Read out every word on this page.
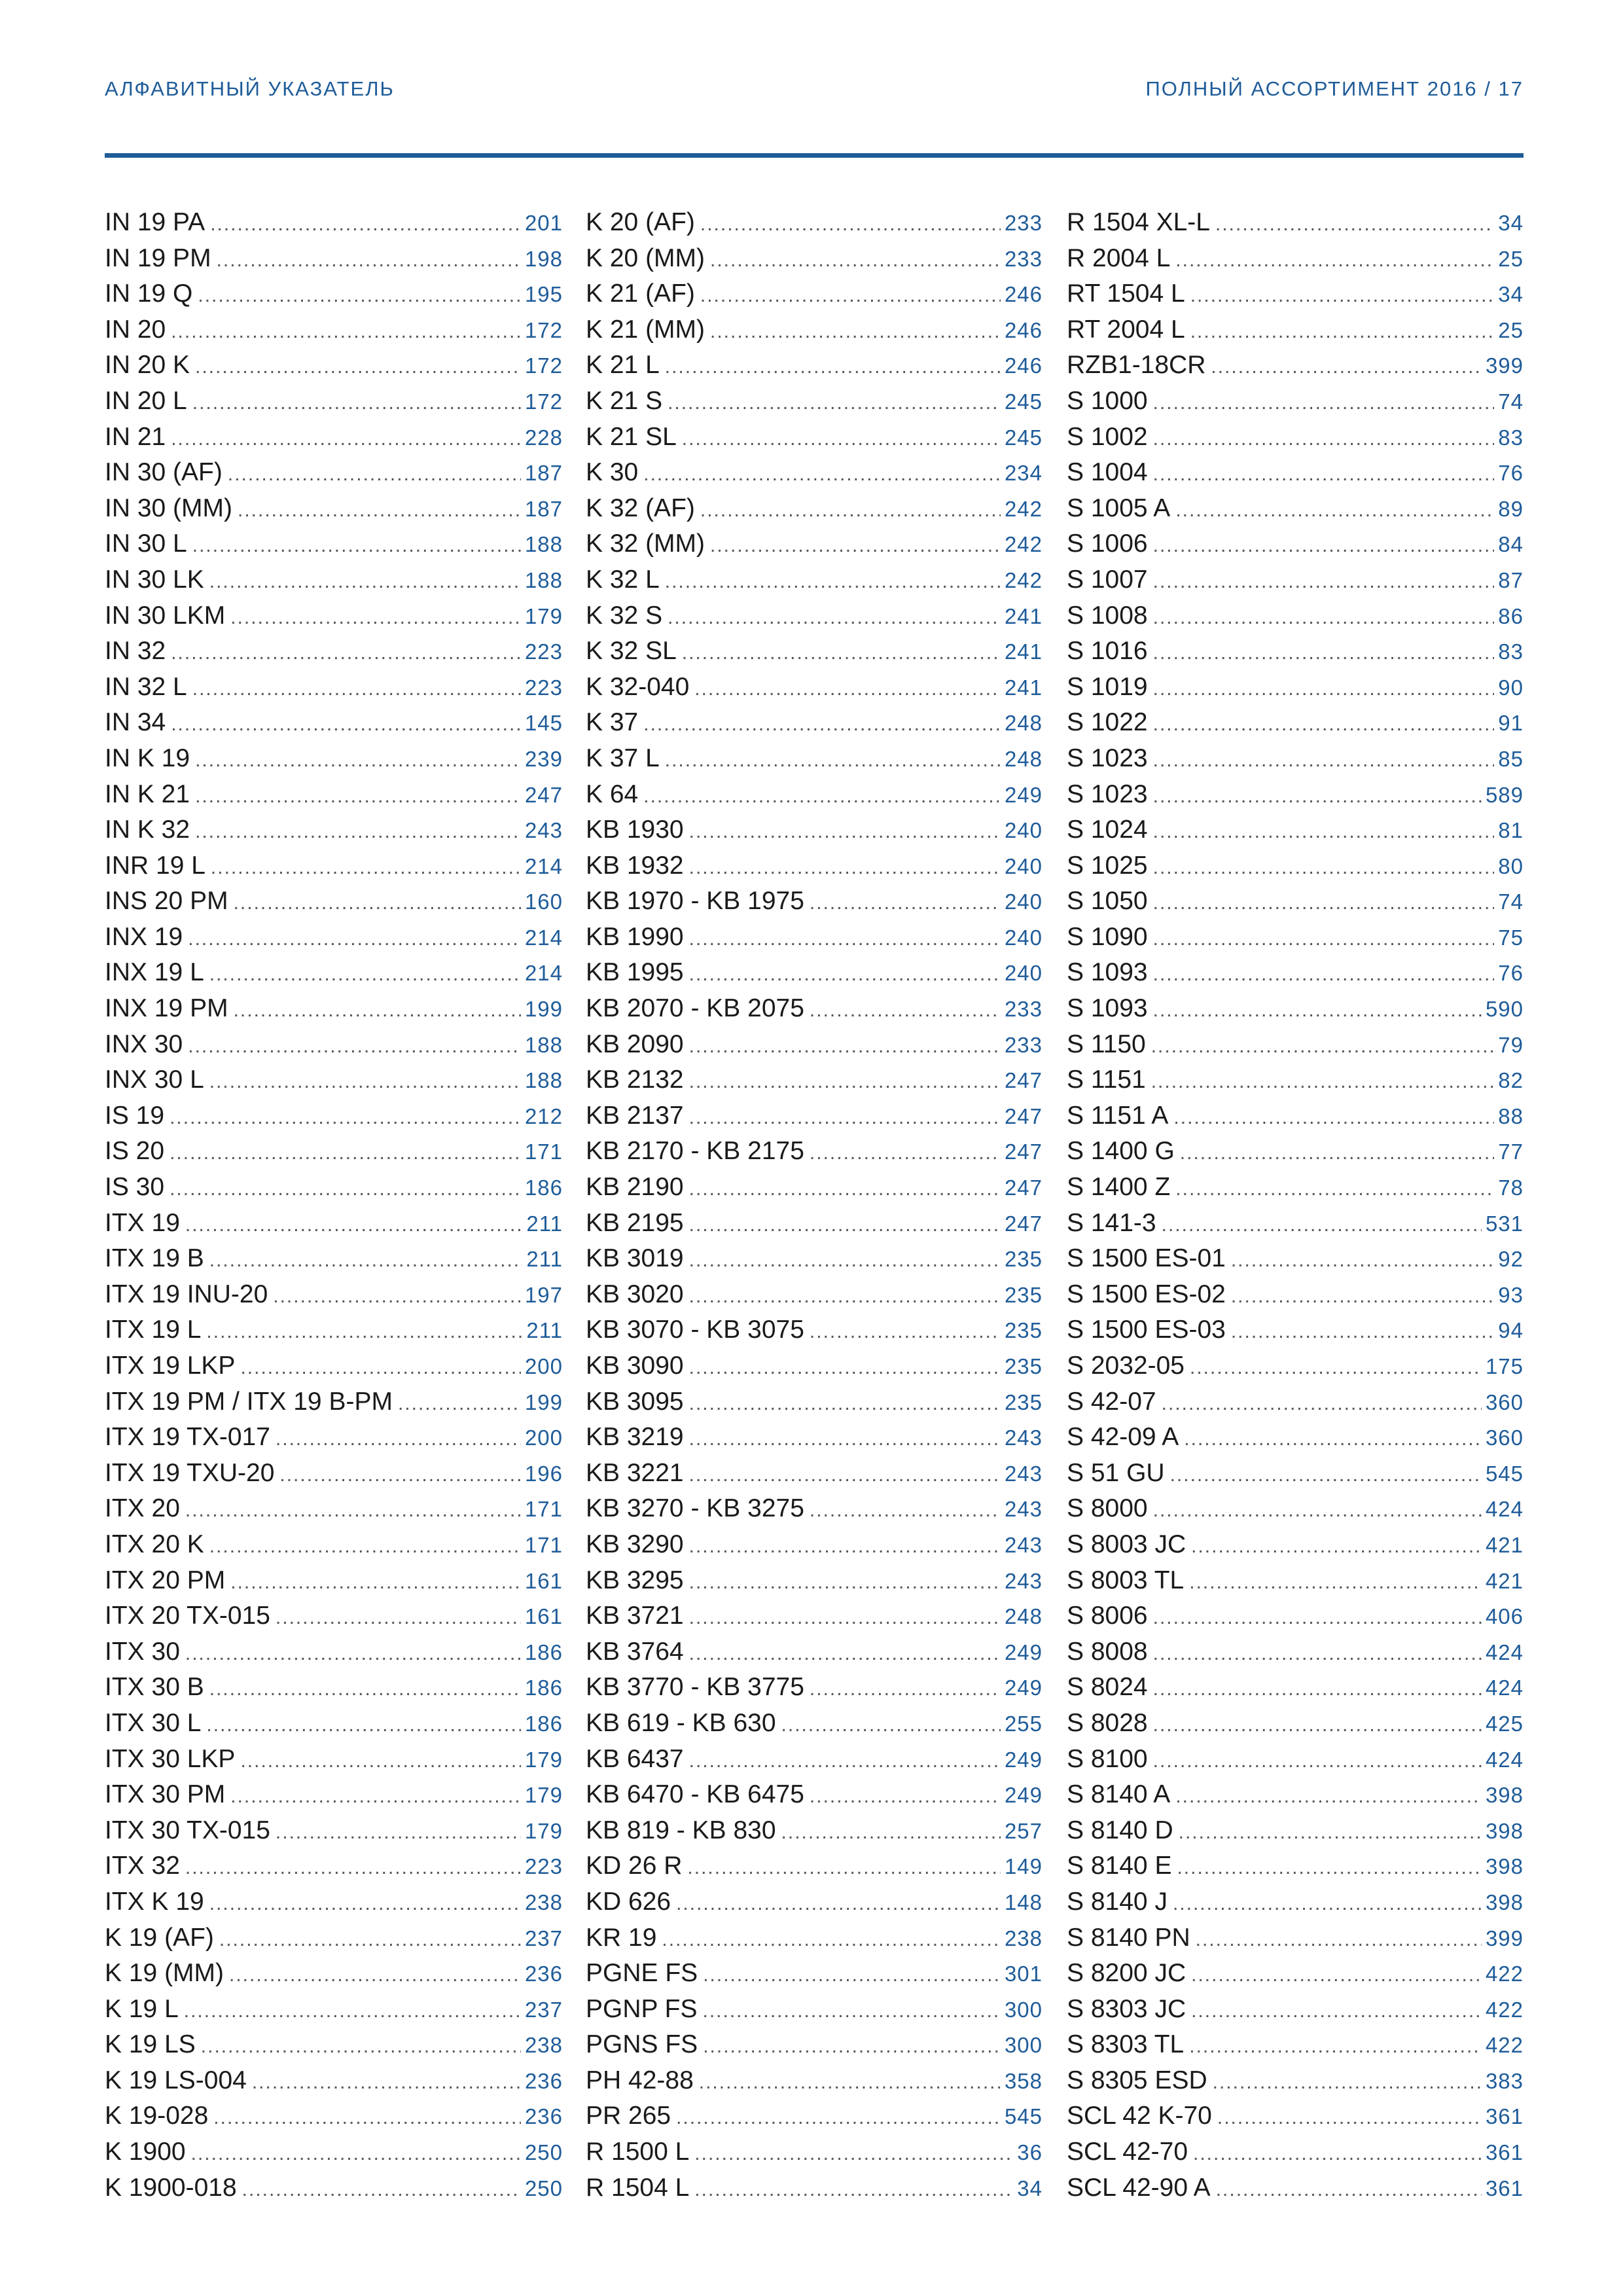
АЛФАВИТНЫЙ УКАЗАТЕЛЬ	ПОЛНЫЙ АССОРТИМЕНТ 2016 / 17
IN 19 PA .....	201
IN 19 PM .....	198
IN 19 Q .....	195
IN 20 .....	172
IN 20 K .....	172
IN 20 L .....	172
IN 21 .....	228
IN 30 (AF) .....	187
IN 30 (MM) .....	187
IN 30 L .....	188
IN 30 LK .....	188
IN 30 LKM .....	179
IN 32 .....	223
IN 32 L .....	223
IN 34 .....	145
IN K 19 .....	239
IN K 21 .....	247
IN K 32 .....	243
INR 19 L .....	214
INS 20 PM .....	160
INX 19 .....	214
INX 19 L .....	214
INX 19 PM .....	199
INX 30 .....	188
INX 30 L .....	188
IS 19 .....	212
IS 20 .....	171
IS 30 .....	186
ITX 19 .....	211
ITX 19 B .....	211
ITX 19 INU-20 .....	197
ITX 19 L .....	211
ITX 19 LKP .....	200
ITX 19 PM / ITX 19 B-PM .....	199
ITX 19 TX-017 .....	200
ITX 19 TXU-20 .....	196
ITX 20 .....	171
ITX 20 K .....	171
ITX 20 PM .....	161
ITX 20 TX-015 .....	161
ITX 30 .....	186
ITX 30 B .....	186
ITX 30 L .....	186
ITX 30 LKP .....	179
ITX 30 PM .....	179
ITX 30 TX-015 .....	179
ITX 32 .....	223
ITX K 19 .....	238
K 19 (AF) .....	237
K 19 (MM) .....	236
K 19 L .....	237
K 19 LS .....	238
K 19 LS-004 .....	236
K 19-028 .....	236
K 1900 .....	250
K 1900-018 .....	250
K 20 (AF) .....	233
K 20 (MM) .....	233
K 21 (AF) .....	246
K 21 (MM) .....	246
K 21 L .....	246
K 21 S .....	245
K 21 SL .....	245
K 30 .....	234
K 32 (AF) .....	242
K 32 (MM) .....	242
K 32 L .....	242
K 32 S .....	241
K 32 SL .....	241
K 32-040 .....	241
K 37 .....	248
K 37 L .....	248
K 64 .....	249
KB 1930 .....	240
KB 1932 .....	240
KB 1970 - KB 1975 .....	240
KB 1990 .....	240
KB 1995 .....	240
KB 2070 - KB 2075 .....	233
KB 2090 .....	233
KB 2132 .....	247
KB 2137 .....	247
KB 2170 - KB 2175 .....	247
KB 2190 .....	247
KB 2195 .....	247
KB 3019 .....	235
KB 3020 .....	235
KB 3070 - KB 3075 .....	235
KB 3090 .....	235
KB 3095 .....	235
KB 3219 .....	243
KB 3221 .....	243
KB 3270 - KB 3275 .....	243
KB 3290 .....	243
KB 3295 .....	243
KB 3721 .....	248
KB 3764 .....	249
KB 3770 - KB 3775 .....	249
KB 619 - KB 630 .....	255
KB 6437 .....	249
KB 6470 - KB 6475 .....	249
KB 819 - KB 830 .....	257
KD 26 R .....	149
KD 626 .....	148
KR 19 .....	238
PGNE FS .....	301
PGNP FS .....	300
PGNS FS .....	300
PH 42-88 .....	358
PR 265 .....	545
R 1500 L .....	36
R 1504 L .....	34
R 1504 XL-L .....	34
R 2004 L .....	25
RT 1504 L .....	34
RT 2004 L .....	25
RZB1-18CR .....	399
S 1000 .....	74
S 1002 .....	83
S 1004 .....	76
S 1005 A .....	89
S 1006 .....	84
S 1007 .....	87
S 1008 .....	86
S 1016 .....	83
S 1019 .....	90
S 1022 .....	91
S 1023 .....	85
S 1023 .....	589
S 1024 .....	81
S 1025 .....	80
S 1050 .....	74
S 1090 .....	75
S 1093 .....	76
S 1093 .....	590
S 1150 .....	79
S 1151 .....	82
S 1151 A .....	88
S 1400 G .....	77
S 1400 Z .....	78
S 141-3 .....	531
S 1500 ES-01 .....	92
S 1500 ES-02 .....	93
S 1500 ES-03 .....	94
S 2032-05 .....	175
S 42-07 .....	360
S 42-09 A .....	360
S 51 GU .....	545
S 8000 .....	424
S 8003 JC .....	421
S 8003 TL .....	421
S 8006 .....	406
S 8008 .....	424
S 8024 .....	424
S 8028 .....	425
S 8100 .....	424
S 8140 A .....	398
S 8140 D .....	398
S 8140 E .....	398
S 8140 J .....	398
S 8140 PN .....	399
S 8200 JC .....	422
S 8303 JC .....	422
S 8303 TL .....	422
S 8305 ESD .....	383
SCL 42 K-70 .....	361
SCL 42-70 .....	361
SCL 42-90 A .....	361
